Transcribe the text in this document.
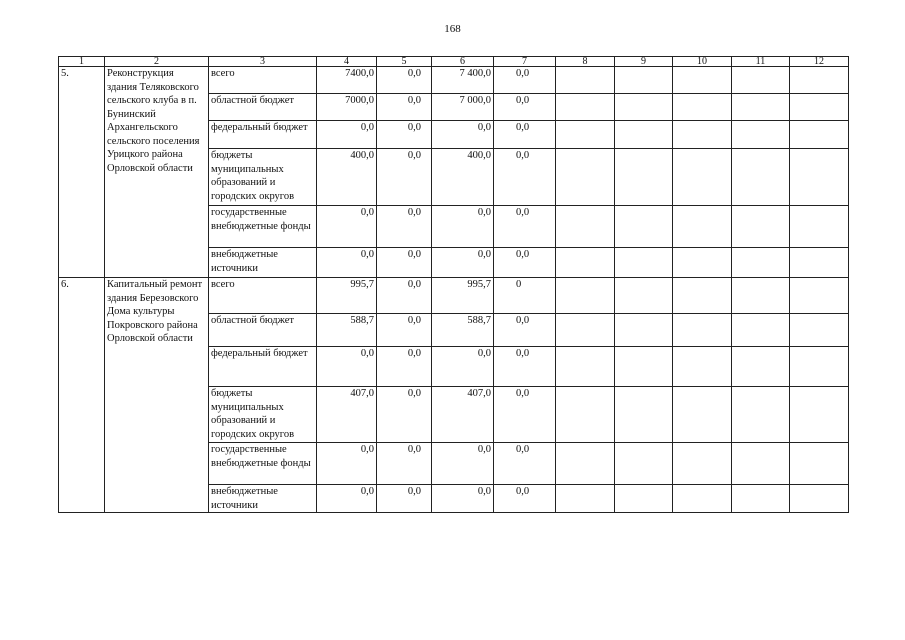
168
1	2	3	4	5	6	7	8	9	10	11	12
5.	Реконструкция здания Теляковского сельского клуба в п. Бунинский Архангельского сельского поселения Урицкого района Орловской области	всего	7400,0	0,0	7 400,0	0,0					
		областной бюджет	7000,0	0,0	7 000,0	0,0					
		федеральный бюджет	0,0	0,0	0,0	0,0					
		бюджеты муниципальных образований и городских округов	400,0	0,0	400,0	0,0					
		государственные внебюджетные фонды	0,0	0,0	0,0	0,0					
		внебюджетные источники	0,0	0,0	0,0	0,0					
6.	Капитальный ремонт здания Березовского Дома культуры Покровского района Орловской области	всего	995,7	0,0	995,7	0					
		областной бюджет	588,7	0,0	588,7	0,0					
		федеральный бюджет	0,0	0,0	0,0	0,0					
		бюджеты муниципальных образований и городских округов	407,0	0,0	407,0	0,0					
		государственные внебюджетные фонды	0,0	0,0	0,0	0,0					
		внебюджетные источники	0,0	0,0	0,0	0,0					
